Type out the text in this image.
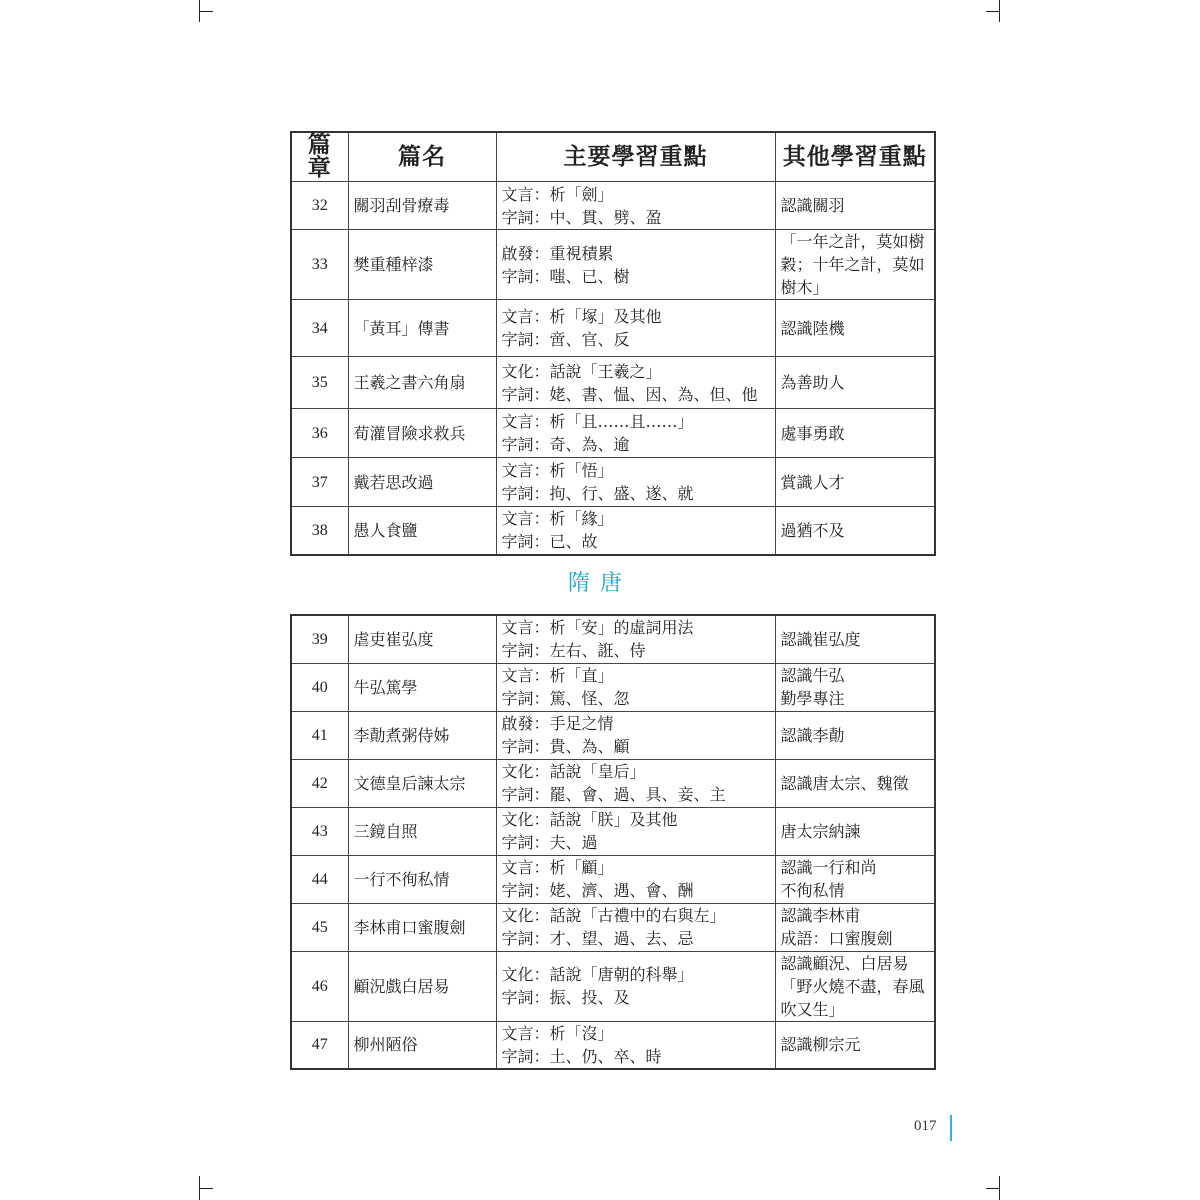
篇章	篇名	主要學習重點	其他學習重點
32	關羽刮骨療毒	文言：析「劍」
字詞：中、貫、劈、盈	認識關羽

33	樊重種梓漆	啟發：重視積累
字詞：嗤、已、樹	「一年之計，莫如樹
穀；十年之計，莫如
樹木」

34	「黃耳」傳書	文言：析「塚」及其他
字詞：啻、官、反	認識陸機

35	王羲之書六角扇	文化：話說「王羲之」
字詞：姥、書、愠、因、為、但、他	為善助人

36	荀灌冒險求救兵	文言：析「且……且……」
字詞：奇、為、逾	處事勇敢

37	戴若思改過	文言：析「悟」
字詞：拘、行、盛、遂、就	賞識人才

38	愚人食鹽	文言：析「緣」
字詞：已、故	過猶不及
隋唐
39	虐吏崔弘度	文言：析「安」的虛詞用法
字詞：左右、誑、侍	認識崔弘度

40	牛弘篤學	文言：析「直」
字詞：篤、怪、忽	認識牛弘
勤學專注

41	李勣煮粥侍姊	啟發：手足之情
字詞：貴、為、顧	認識李勣

42	文德皇后諫太宗	文化：話說「皇后」
字詞：罷、會、過、具、妾、主	認識唐太宗、魏徵

43	三鏡自照	文化：話說「朕」及其他
字詞：夫、過	唐太宗納諫

44	一行不徇私情	文言：析「顧」
字詞：姥、濟、遇、會、酬	認識一行和尚
不徇私情

45	李林甫口蜜腹劍	文化：話說「古禮中的右與左」
字詞：才、望、過、去、忌	認識李林甫
成語：口蜜腹劍

46	顧況戲白居易	文化：話說「唐朝的科舉」
字詞：振、投、及	認識顧況、白居易
「野火燒不盡，春風
吹又生」

47	柳州陋俗	文言：析「沒」
字詞：土、仍、卒、時	認識柳宗元
017
